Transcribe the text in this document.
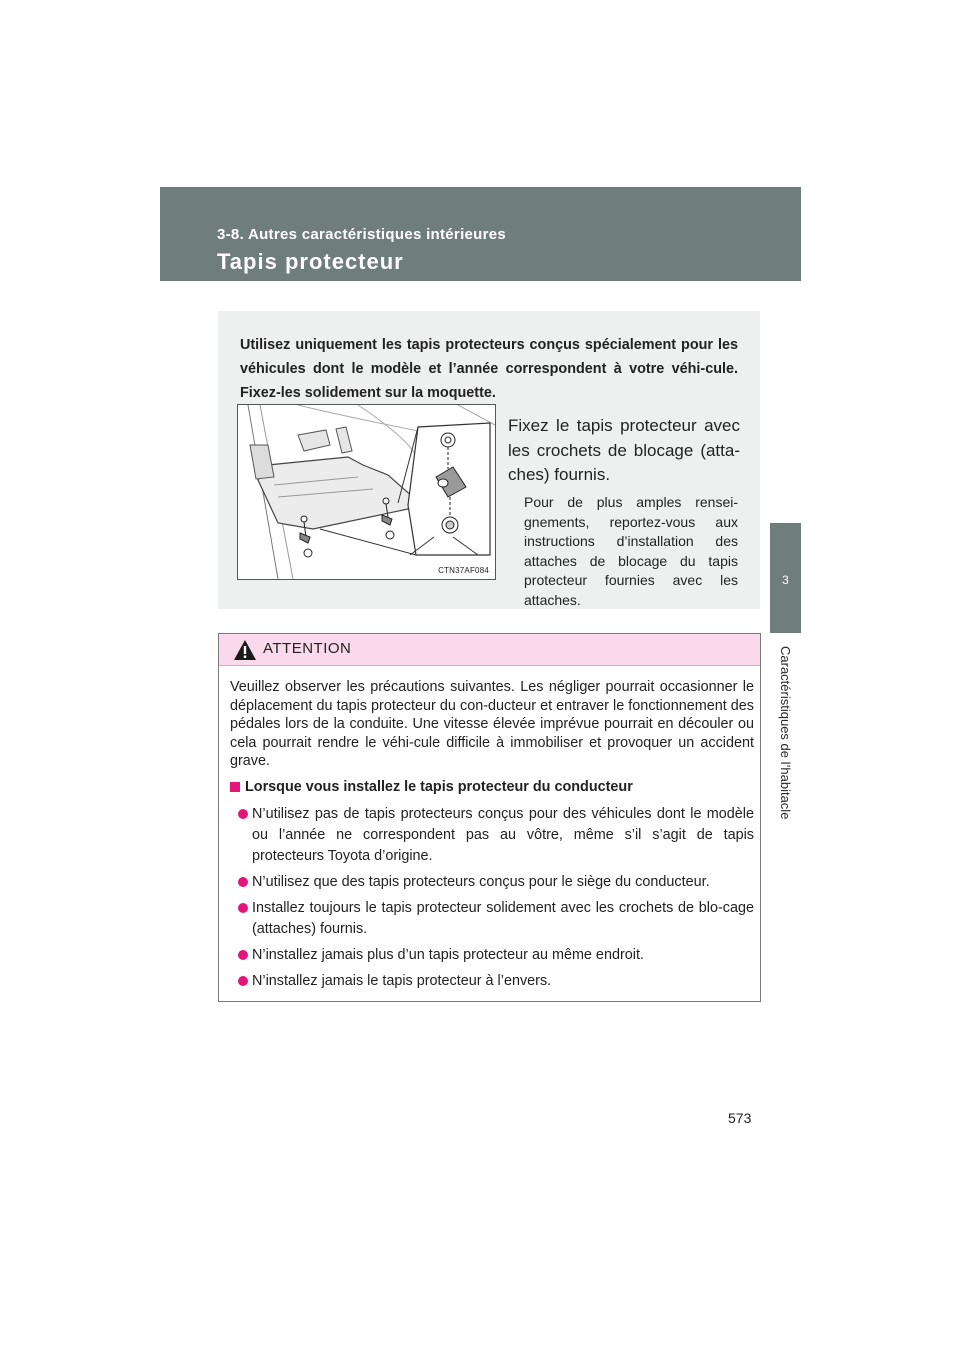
3-8. Autres caractéristiques intérieures
Tapis protecteur
3
Caractéristiques de l’habitacle

Utilisez uniquement les tapis protecteurs conçus spécialement pour les véhicules dont le modèle et l’année correspondent à votre véhi-cule. Fixez-les solidement sur la moquette.

CTN37AF084

Fixez le tapis protecteur avec les crochets de blocage (atta-ches) fournis.

Pour de plus amples rensei-gnements, reportez-vous aux instructions d’installation des attaches de blocage du tapis protecteur fournies avec les attaches.

ATTENTION

Veuillez observer les précautions suivantes. Les négliger pourrait occasionner le déplacement du tapis protecteur du con-ducteur et entraver le fonctionnement des pédales lors de la conduite. Une vitesse élevée imprévue pourrait en découler ou cela pourrait rendre le véhi-cule difficile à immobiliser et provoquer un accident grave.

Lorsque vous installez le tapis protecteur du conducteur

N’utilisez pas de tapis protecteurs conçus pour des véhicules dont le modèle ou l’année ne correspondent pas au vôtre, même s’il s’agit de tapis protecteurs Toyota d’origine.
N’utilisez que des tapis protecteurs conçus pour le siège du conducteur.
Installez toujours le tapis protecteur solidement avec les crochets de blo-cage (attaches) fournis.
N’installez jamais plus d’un tapis protecteur au même endroit.
N’installez jamais le tapis protecteur à l’envers.
573
